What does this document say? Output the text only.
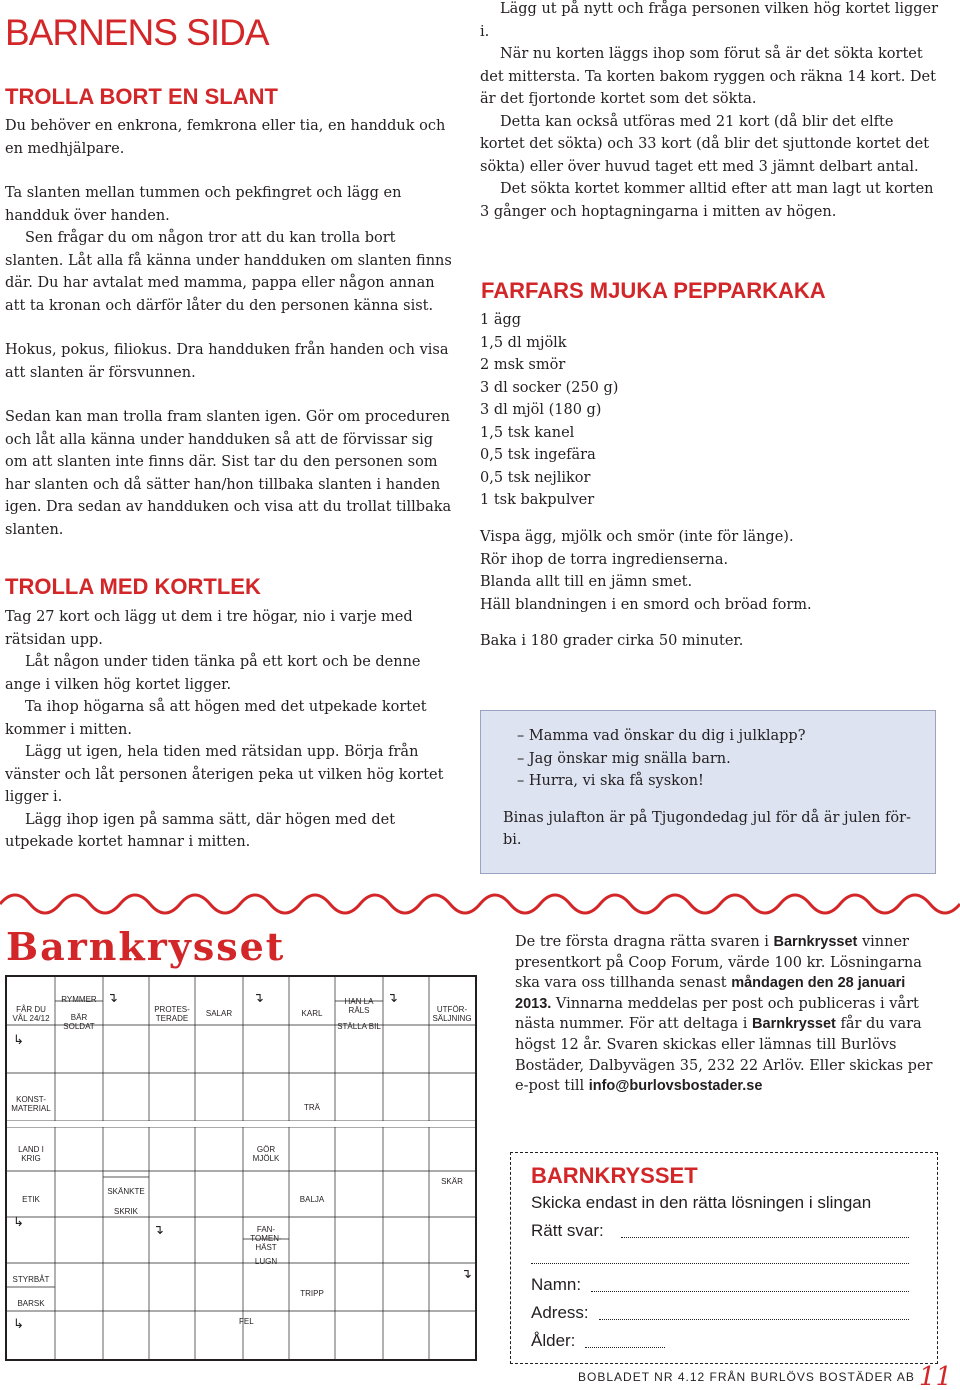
BARNENS SIDA
TROLLA BORT EN SLANT
Du behöver en enkrona, femkrona eller tia, en handduk och en medhjälpare.
Ta slanten mellan tummen och pekfingret och lägg en handduk över handen.
Sen frågar du om någon tror att du kan trolla bort slanten. Låt alla få känna under handduken om slanten finns där. Du har avtalat med mamma, pappa eller någon annan att ta kronan och därför låter du den personen känna sist.
Hokus, pokus, filiokus. Dra handduken från handen och visa att slanten är försvunnen.
Sedan kan man trolla fram slanten igen. Gör om proceduren och låt alla känna under handduken så att de förvissar sig om att slanten inte finns där. Sist tar du den personen som har slanten och då sätter han/hon tillbaka slanten i handen igen. Dra sedan av handduken och visa att du trollat tillbaka slanten.
TROLLA MED KORTLEK
Tag 27 kort och lägg ut dem i tre högar, nio i varje med rätsidan upp.
Låt någon under tiden tänka på ett kort och be denne ange i vilken hög kortet ligger.
Ta ihop högarna så att högen med det utpekade kortet kommer i mitten.
Lägg ut igen, hela tiden med rätsidan upp. Börja från vänster och låt personen återigen peka ut vilken hög kortet ligger i.
Lägg ihop igen på samma sätt, där högen med det utpekade kortet hamnar i mitten.
Lägg ut på nytt och fråga personen vilken hög kortet ligger i.
När nu korten läggs ihop som förut så är det sökta kortet det mittersta. Ta korten bakom ryggen och räkna 14 kort. Det är det fjortonde kortet som det sökta.
Detta kan också utföras med 21 kort (då blir det elfte kortet det sökta) och 33 kort (då blir det sjuttonde kortet det sökta) eller över huvud taget ett med 3 jämnt delbart antal.
Det sökta kortet kommer alltid efter att man lagt ut korten 3 gånger och hoptagningarna i mitten av högen.
FARFARS MJUKA PEPPARKAKA
1 ägg
1,5 dl mjölk
2 msk smör
3 dl socker (250 g)
3 dl mjöl (180 g)
1,5 tsk kanel
0,5 tsk ingefära
0,5 tsk nejlikor
1 tsk bakpulver
Vispa ägg, mjölk och smör (inte för länge).
Rör ihop de torra ingredienserna.
Blanda allt till en jämn smet.
Häll blandningen i en smord och bröad form.
Baka i 180 grader cirka 50 minuter.
– Mamma vad önskar du dig i julklapp?
– Jag önskar mig snälla barn.
– Hurra, vi ska få syskon!
Binas julafton är på Tjugondedag jul för då är julen för-bi.
Barnkrysset
FÅR DU VÅL 24/12
RYMMER
BÄR SOLDAT
PROTES-TERADE
SALAR	KARL
HAN LA RÄLS
STÄLLA BIL
UTFÖR-SÄLJNING
KONST-MATERIAL	TRÄ
LAND I KRIG
GÖR MJÖLK
ETIK
SKÄNKTE
SKRIK
BALJA
SKÄR
FAN-TOMEN-HÄST
LUGN
STYRBÅT
BARSK
TRIPP
FEL
↴	↴	↴
↳
↳
↴
↴
↳
De tre första dragna rätta svaren i Barnkrysset vinner presentkort på Coop Forum, värde 100 kr. Lösningarna ska vara oss tillhanda senast måndagen den 28 januari 2013. Vinnarna meddelas per post och publiceras i vårt nästa nummer. För att deltaga i Barnkrysset får du vara högst 12 år. Svaren skickas eller lämnas till Burlövs Bostäder, Dalbyvägen 35, 232 22 Arlöv. Eller skickas per e-post till info@burlovsbostader.se
BARNKRYSSET
Skicka endast in den rätta lösningen i slingan
Rätt svar:
Namn:
Adress:
Ålder:
BOBLADET NR 4.12 FRÅN BURLÖVS BOSTÄDER AB 11
